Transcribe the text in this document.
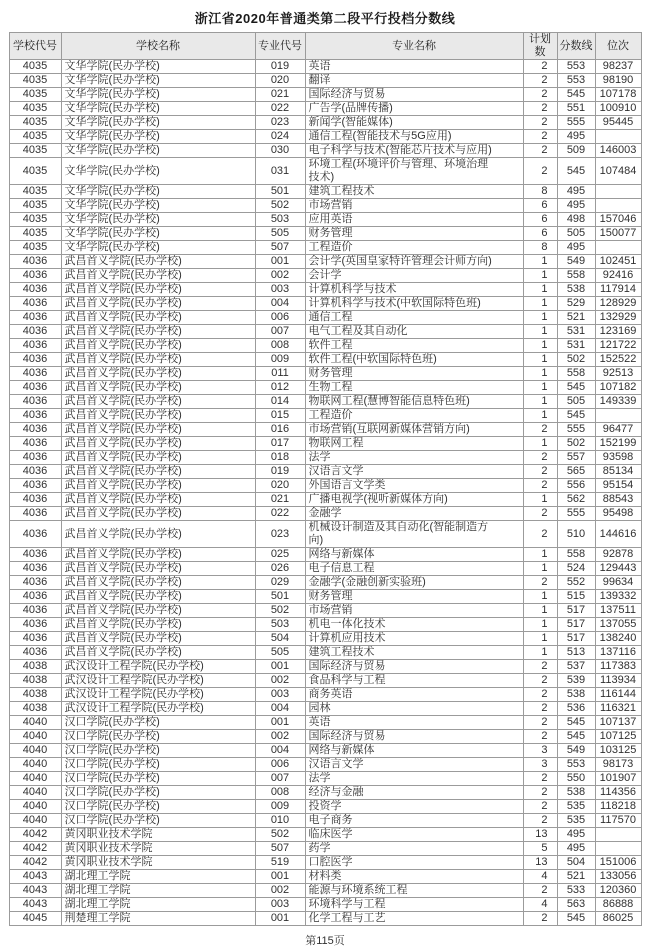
浙江省2020年普通类第二段平行投档分数线
学校代号	学校名称	专业代号	专业名称	计划数	分数线	位次
4035	文华学院(民办学校)	019	英语	2	553	98237
4035	文华学院(民办学校)	020	翻译	2	553	98190
4035	文华学院(民办学校)	021	国际经济与贸易	2	545	107178
4035	文华学院(民办学校)	022	广告学(品牌传播)	2	551	100910
4035	文华学院(民办学校)	023	新闻学(智能媒体)	2	555	95445
4035	文华学院(民办学校)	024	通信工程(智能技术与5G应用)	2	495	
4035	文华学院(民办学校)	030	电子科学与技术(智能芯片技术与应用)	2	509	146003
4035	文华学院(民办学校)	031	环境工程(环境评价与管理、环境治理技术)	2	545	107484
4035	文华学院(民办学校)	501	建筑工程技术	8	495	
4035	文华学院(民办学校)	502	市场营销	6	495	
4035	文华学院(民办学校)	503	应用英语	6	498	157046
4035	文华学院(民办学校)	505	财务管理	6	505	150077
4035	文华学院(民办学校)	507	工程造价	8	495	
4036	武昌首义学院(民办学校)	001	会计学(英国皇家特许管理会计师方向)	1	549	102451
4036	武昌首义学院(民办学校)	002	会计学	1	558	92416
4036	武昌首义学院(民办学校)	003	计算机科学与技术	1	538	117914
4036	武昌首义学院(民办学校)	004	计算机科学与技术(中软国际特色班)	1	529	128929
4036	武昌首义学院(民办学校)	006	通信工程	1	521	132929
4036	武昌首义学院(民办学校)	007	电气工程及其自动化	1	531	123169
4036	武昌首义学院(民办学校)	008	软件工程	1	531	121722
4036	武昌首义学院(民办学校)	009	软件工程(中软国际特色班)	1	502	152522
4036	武昌首义学院(民办学校)	011	财务管理	1	558	92513
4036	武昌首义学院(民办学校)	012	生物工程	1	545	107182
4036	武昌首义学院(民办学校)	014	物联网工程(慧博智能信息特色班)	1	505	149339
4036	武昌首义学院(民办学校)	015	工程造价	1	545	
4036	武昌首义学院(民办学校)	016	市场营销(互联网新媒体营销方向)	2	555	96477
4036	武昌首义学院(民办学校)	017	物联网工程	1	502	152199
4036	武昌首义学院(民办学校)	018	法学	2	557	93598
4036	武昌首义学院(民办学校)	019	汉语言文学	2	565	85134
4036	武昌首义学院(民办学校)	020	外国语言文学类	2	556	95154
4036	武昌首义学院(民办学校)	021	广播电视学(视听新媒体方向)	1	562	88543
4036	武昌首义学院(民办学校)	022	金融学	2	555	95498
4036	武昌首义学院(民办学校)	023	机械设计制造及其自动化(智能制造方向)	2	510	144616
4036	武昌首义学院(民办学校)	025	网络与新媒体	1	558	92878
4036	武昌首义学院(民办学校)	026	电子信息工程	1	524	129443
4036	武昌首义学院(民办学校)	029	金融学(金融创新实验班)	2	552	99634
4036	武昌首义学院(民办学校)	501	财务管理	1	515	139332
4036	武昌首义学院(民办学校)	502	市场营销	1	517	137511
4036	武昌首义学院(民办学校)	503	机电一体化技术	1	517	137055
4036	武昌首义学院(民办学校)	504	计算机应用技术	1	517	138240
4036	武昌首义学院(民办学校)	505	建筑工程技术	1	513	137116
4038	武汉设计工程学院(民办学校)	001	国际经济与贸易	2	537	117383
4038	武汉设计工程学院(民办学校)	002	食品科学与工程	2	539	113934
4038	武汉设计工程学院(民办学校)	003	商务英语	2	538	116144
4038	武汉设计工程学院(民办学校)	004	园林	2	536	116321
4040	汉口学院(民办学校)	001	英语	2	545	107137
4040	汉口学院(民办学校)	002	国际经济与贸易	2	545	107125
4040	汉口学院(民办学校)	004	网络与新媒体	3	549	103125
4040	汉口学院(民办学校)	006	汉语言文学	3	553	98173
4040	汉口学院(民办学校)	007	法学	2	550	101907
4040	汉口学院(民办学校)	008	经济与金融	2	538	114356
4040	汉口学院(民办学校)	009	投资学	2	535	118218
4040	汉口学院(民办学校)	010	电子商务	2	535	117570
4042	黄冈职业技术学院	502	临床医学	13	495	
4042	黄冈职业技术学院	507	药学	5	495	
4042	黄冈职业技术学院	519	口腔医学	13	504	151006
4043	湖北理工学院	001	材料类	4	521	133056
4043	湖北理工学院	002	能源与环境系统工程	2	533	120360
4043	湖北理工学院	003	环境科学与工程	4	563	86888
4045	荆楚理工学院	001	化学工程与工艺	2	545	86025
第115页
